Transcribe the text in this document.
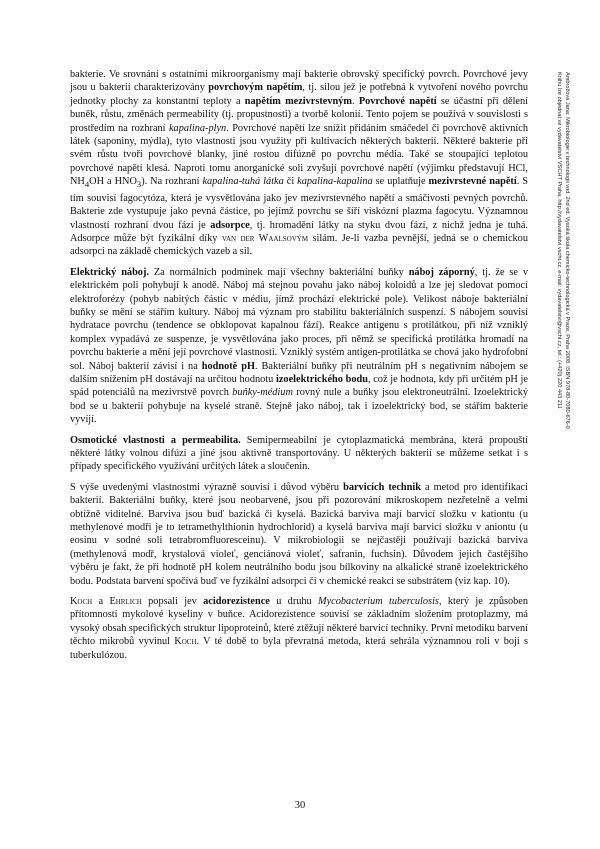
bakterie. Ve srovnání s ostatními mikroorganismy mají bakterie obrovský specifický povrch. Povrchové jevy jsou u bakterií charakterizovány povrchovým napětím, tj. silou jež je potřebná k vytvoření nového povrchu jednotky plochy za konstantní teploty a napětím mezivrstevným. Povrchové napětí se účastní při dělení buněk, růstu, změnách permeability (tj. propustnosti) a tvorbě kolonií. Tento pojem se používá v souvislosti s prostředím na rozhraní kapalina-plyn. Povrchové napětí lze snížit přidáním smáčedel či povrchově aktivních látek (saponiny, mýdla), tyto vlastnosti jsou využity při kultivacích některých bakterií. Některé bakterie při svém růstu tvoří povrchové blanky, jiné rostou difúzně po povrchu média. Také se stoupající teplotou povrchové napětí klesá. Naproti tomu anorganické soli zvyšují povrchové napětí (výjimku představují HCl, $NH_4OH$ a $HNO_3$). Na rozhraní kapalina-tuhá látka či kapalina-kapalina se uplatňuje mezivrstevné napětí. S tím souvisí fagocytóza, která je vysvětlována jako jev mezivrstevného napětí a smáčivosti pevných povrchů. Bakterie zde vystupuje jako pevná částice, po jejímž povrchu se šíří viskózní plazma fagocytu. Významnou vlastností rozhraní dvou fází je adsorpce, tj. hromadění látky na styku dvou fází, z nichž jedna je tuhá. Adsorpce může být fyzikální díky van der Waalsovým silám. Je-li vazba pevnější, jedná se o chemickou adsorpci na základě chemických vazeb a sil.

Elektrický náboj. Za normálních podmínek mají všechny bakteriální buňky náboj záporný, tj. že se v elektrickém poli pohybují k anodě. Náboj má stejnou povahu jako náboj koloidů a lze jej sledovat pomocí elektroforézy (pohyb nabitých částic v médiu, jímž prochází elektrické pole). Velikost náboje bakteriální buňky se mění se stářím kultury. Náboj má význam pro stabilitu bakteriálních suspenzí. S nábojem souvisí hydratace povrchu (tendence se obklopovat kapalnou fází). Reakce antigenu s protilátkou, při níž vzniklý komplex vypadává ze suspenze, je vysvětlována jako proces, při němž se specifická protilátka hromadí na povrchu bakterie a mění její povrchové vlastnosti. Vzniklý systém antigen-protilátka se chová jako hydrofobní sol. Náboj bakterií závisí i na hodnotě pH. Bakteriální buňky při neutrálním pH s negativním nábojem se dalším snížením pH dostávají na určitou hodnotu izoelektrického bodu, což je hodnota, kdy při určitém pH je spád potenciálů na mezivrstvě povrch buňky-médium rovný nule a buňky jsou elektroneutrální. Izoelektrický bod se u bakterií pohybuje na kyselé straně. Stejně jako náboj, tak i izoelektrický bod, se stářím bakterie vyvíjí.

Osmotické vlastnosti a permeabilita. Semipermeabilní je cytoplazmatická membrána, která propouští některé látky volnou difúzí a jiné jsou aktivně transportovány. U některých bakterií se můžeme setkat i s případy specifického využívání určitých látek a sloučenin.

S výše uvedenými vlastnostmi výrazně souvisí i důvod výběru barvicích technik a metod pro identifikaci bakterií. Bakteriální buňky, které jsou neobarvené, jsou při pozorování mikroskopem nezřetelně a velmi obtížně viditelné. Barviva jsou buď bazická či kyselá. Bazická barviva mají barvicí složku v kationtu (u methylenové modři je to tetramethylthionin hydrochlorid) a kyselá barviva mají barvicí složku v aniontu (u eosinu v sodné soli tetrabromfluoresceinu). V mikrobiologii se nejčastěji používají bazická barviva (methylenová modř, krystalová violeť, genciánová violeť, safranin, fuchsin). Důvodem jejich častějšího výběru je fakt, že při hodnotě pH kolem neutrálního bodu jsou bílkoviny na alkalické straně izoelektrického bodu. Podstata barvení spočívá buď ve fyzikální adsorpci či v chemické reakci se substrátem (viz kap. 10).

Koch a Ehrlich popsali jev acidorezistence u druhu Mycobacterium tuberculosis, který je způsoben přítomností mykolové kyseliny v buňce. Acidorezistence souvisí se základním složením protoplazmy, má vysoký obsah specifických struktur lipoproteinů, které ztěžují některé barvicí techniky. První metodiku barvení těchto mikrobů vyvinul Koch. V té době to byla převratná metoda, která sehrála významnou roli v boji s tuberkulózou.

30
Ambrožová Jana: Mikrobiologie v technologii vod. 2nd ed. Vysoká škola chemicko-technologická v Praze, Praha 2008. ISBN 978-80-7080-676-0
Knihu lze objednat ve vydavatelství VŠCHT Praha, http://vydavatelstvi.vscht.cz, e-mail: vydavatelstvi@vscht.cz, tel.: (+420) 220 443 211
